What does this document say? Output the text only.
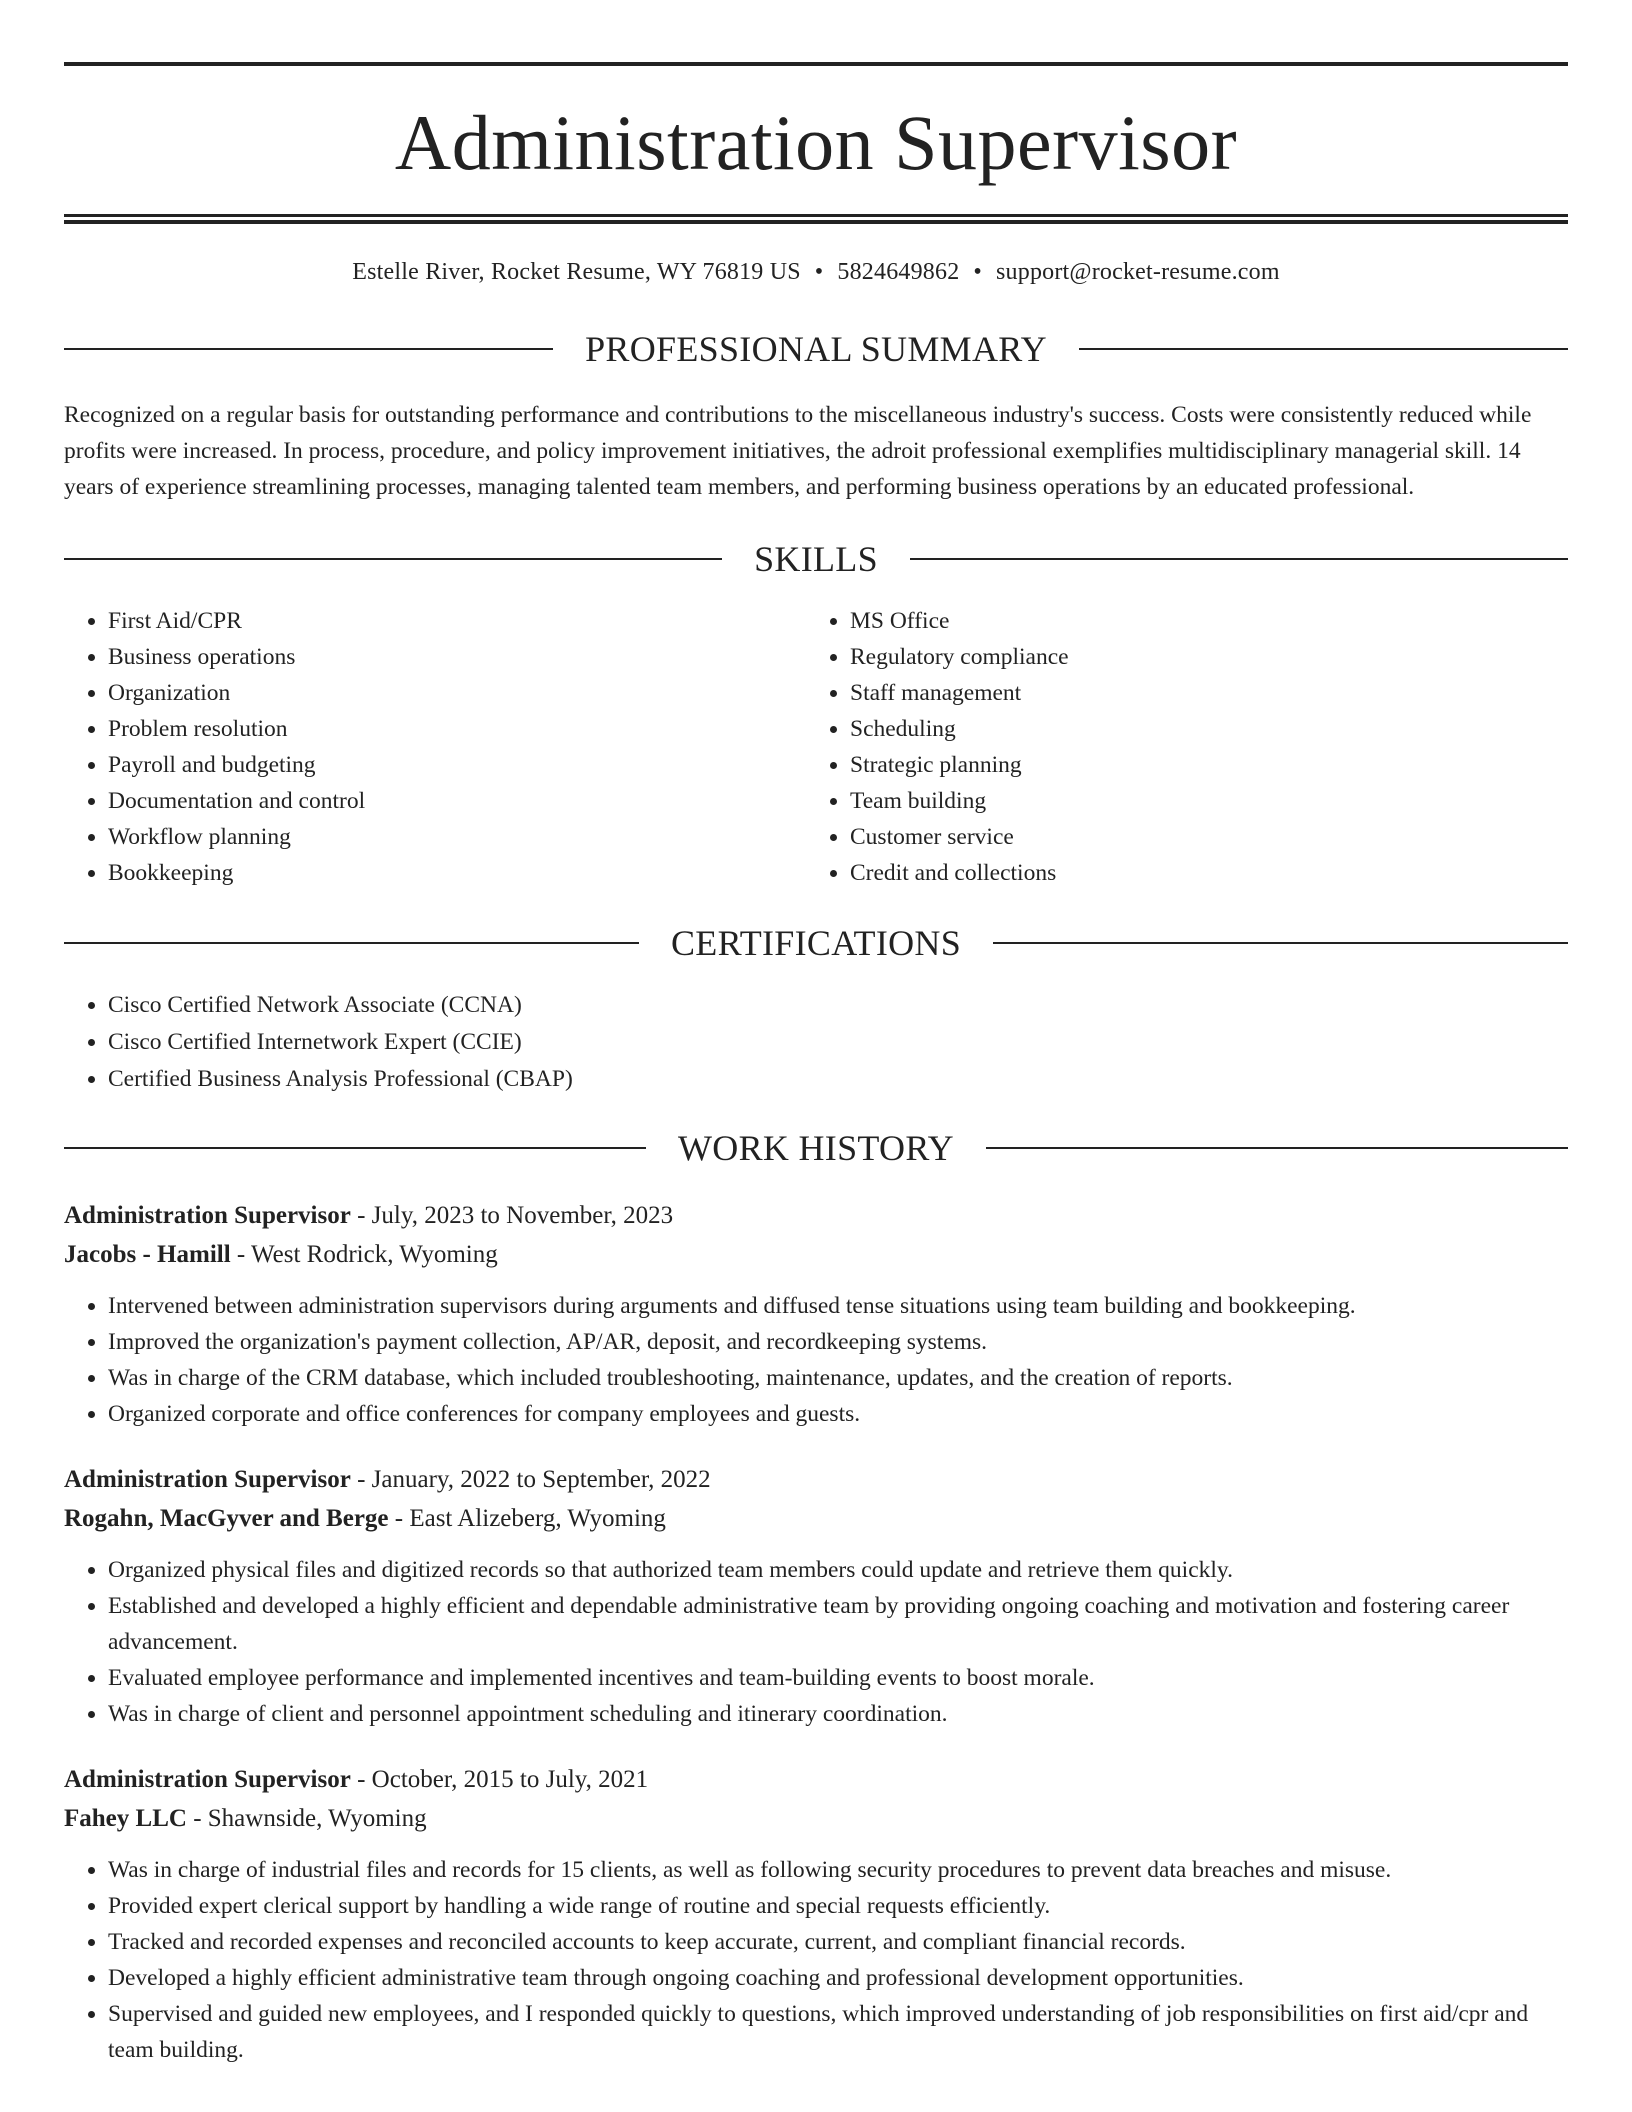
Administration Supervisor
Estelle River, Rocket Resume, WY 76819 US • 5824649862 • support@rocket-resume.com
PROFESSIONAL SUMMARY

Recognized on a regular basis for outstanding performance and contributions to the miscellaneous industry's success. Costs were consistently reduced while profits were increased. In process, procedure, and policy improvement initiatives, the adroit professional exemplifies multidisciplinary managerial skill. 14 years of experience streamlining processes, managing talented team members, and performing business operations by an educated professional.

SKILLS
• First Aid/CPR
• Business operations
• Organization
• Problem resolution
• Payroll and budgeting
• Documentation and control
• Workflow planning
• Bookkeeping
• MS Office
• Regulatory compliance
• Staff management
• Scheduling
• Strategic planning
• Team building
• Customer service
• Credit and collections
CERTIFICATIONS
• Cisco Certified Network Associate (CCNA)
• Cisco Certified Internetwork Expert (CCIE)
• Certified Business Analysis Professional (CBAP)
WORK HISTORY
Administration Supervisor - July, 2023 to November, 2023
Jacobs - Hamill - West Rodrick, Wyoming
• Intervened between administration supervisors during arguments and diffused tense situations using team building and bookkeeping.
• Improved the organization's payment collection, AP/AR, deposit, and recordkeeping systems.
• Was in charge of the CRM database, which included troubleshooting, maintenance, updates, and the creation of reports.
• Organized corporate and office conferences for company employees and guests.
Administration Supervisor - January, 2022 to September, 2022
Rogahn, MacGyver and Berge - East Alizeberg, Wyoming
• Organized physical files and digitized records so that authorized team members could update and retrieve them quickly.
• Established and developed a highly efficient and dependable administrative team by providing ongoing coaching and motivation and fostering career advancement.
• Evaluated employee performance and implemented incentives and team-building events to boost morale.
• Was in charge of client and personnel appointment scheduling and itinerary coordination.
Administration Supervisor - October, 2015 to July, 2021
Fahey LLC - Shawnside, Wyoming
• Was in charge of industrial files and records for 15 clients, as well as following security procedures to prevent data breaches and misuse.
• Provided expert clerical support by handling a wide range of routine and special requests efficiently.
• Tracked and recorded expenses and reconciled accounts to keep accurate, current, and compliant financial records.
• Developed a highly efficient administrative team through ongoing coaching and professional development opportunities.
• Supervised and guided new employees, and I responded quickly to questions, which improved understanding of job responsibilities on first aid/cpr and team building.
